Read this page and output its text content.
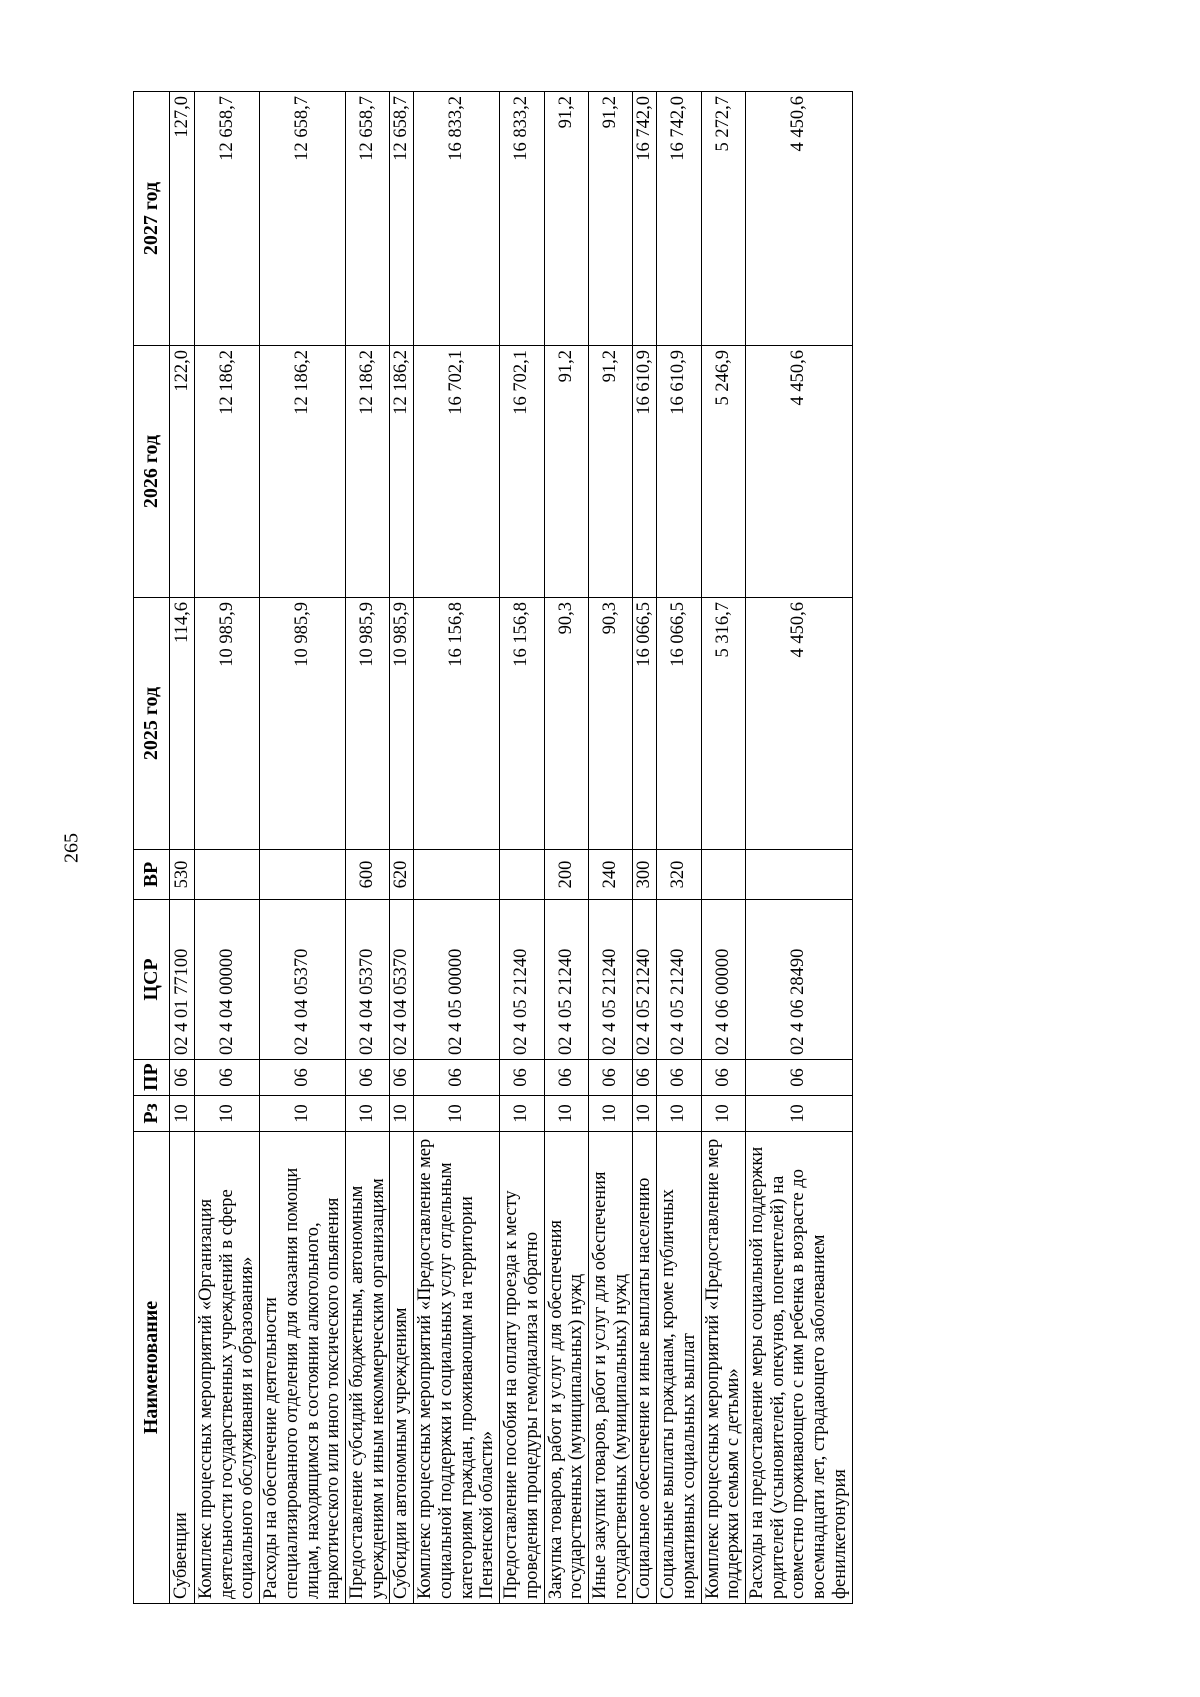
265
Наименование	Рз	ПР	ЦСР	ВР	2025 год	2026 год	2027 год
Субвенции	10	06	02 4 01 77100	530	114,6	122,0	127,0
Комплекс процессных мероприятий «Организация деятельности государственных учреждений в сфере социального обслуживания и образования»	10	06	02 4 04 00000		10 985,9	12 186,2	12 658,7
Расходы на обеспечение деятельности специализированного отделения для оказания помощи лицам, находящимся в состоянии алкогольного, наркотического или иного токсического опьянения	10	06	02 4 04 05370		10 985,9	12 186,2	12 658,7
Предоставление субсидий бюджетным, автономным учреждениям и иным некоммерческим организациям	10	06	02 4 04 05370	600	10 985,9	12 186,2	12 658,7
Субсидии автономным учреждениям	10	06	02 4 04 05370	620	10 985,9	12 186,2	12 658,7
Комплекс процессных мероприятий «Предоставление мер социальной поддержки и социальных услуг отдельным категориям граждан, проживающим на территории Пензенской области»	10	06	02 4 05 00000		16 156,8	16 702,1	16 833,2
Предоставление пособия на оплату проезда к месту проведения процедуры гемодиализа и обратно	10	06	02 4 05 21240		16 156,8	16 702,1	16 833,2
Закупка товаров, работ и услуг для обеспечения государственных (муниципальных) нужд	10	06	02 4 05 21240	200	90,3	91,2	91,2
Иные закупки товаров, работ и услуг для обеспечения государственных (муниципальных) нужд	10	06	02 4 05 21240	240	90,3	91,2	91,2
Социальное обеспечение и иные выплаты населению	10	06	02 4 05 21240	300	16 066,5	16 610,9	16 742,0
Социальные выплаты гражданам, кроме публичных нормативных социальных выплат	10	06	02 4 05 21240	320	16 066,5	16 610,9	16 742,0
Комплекс процессных мероприятий «Предоставление мер поддержки семьям с детьми»	10	06	02 4 06 00000		5 316,7	5 246,9	5 272,7
Расходы на предоставление меры социальной поддержки родителей (усыновителей, опекунов, попечителей) на совместно проживающего с ним ребенка в возрасте до восемнадцати лет, страдающего заболеванием фенилкетонурия	10	06	02 4 06 28490		4 450,6	4 450,6	4 450,6
